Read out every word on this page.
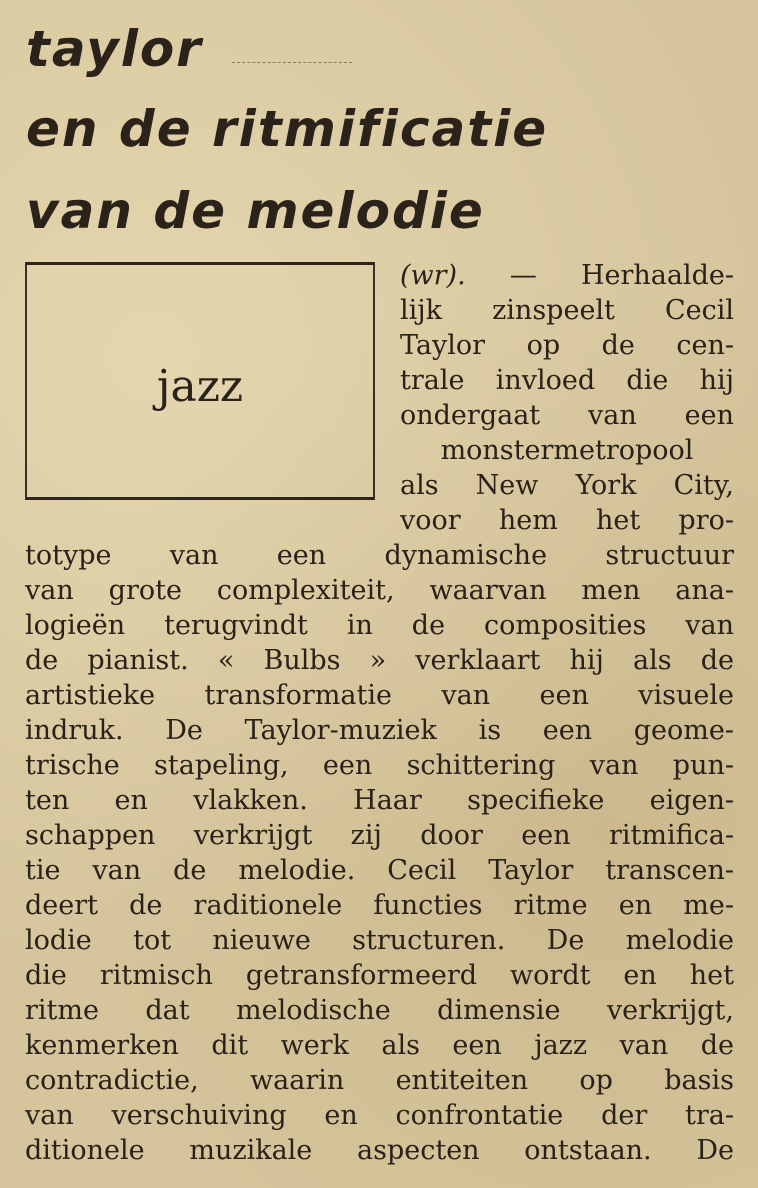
taylor
en de ritmificatie
van de melodie
jazz
(wr). — Herhaalde-
lijk zinspeelt Cecil
Taylor op de cen-
trale invloed die hij
ondergaat van een
monstermetropool
als New York City,
voor hem het pro-
totype van een dynamische structuur
van grote complexiteit, waarvan men ana-
logieën terugvindt in de composities van
de pianist. « Bulbs » verklaart hij als de
artistieke transformatie van een visuele
indruk. De Taylor-muziek is een geome-
trische stapeling, een schittering van pun-
ten en vlakken. Haar specifieke eigen-
schappen verkrijgt zij door een ritmifica-
tie van de melodie. Cecil Taylor transcen-
deert de raditionele functies ritme en me-
lodie tot nieuwe structuren. De melodie
die ritmisch getransformeerd wordt en het
ritme dat melodische dimensie verkrijgt,
kenmerken dit werk als een jazz van de
contradictie, waarin entiteiten op basis
van verschuiving en confrontatie der tra-
ditionele muzikale aspecten ontstaan. De
